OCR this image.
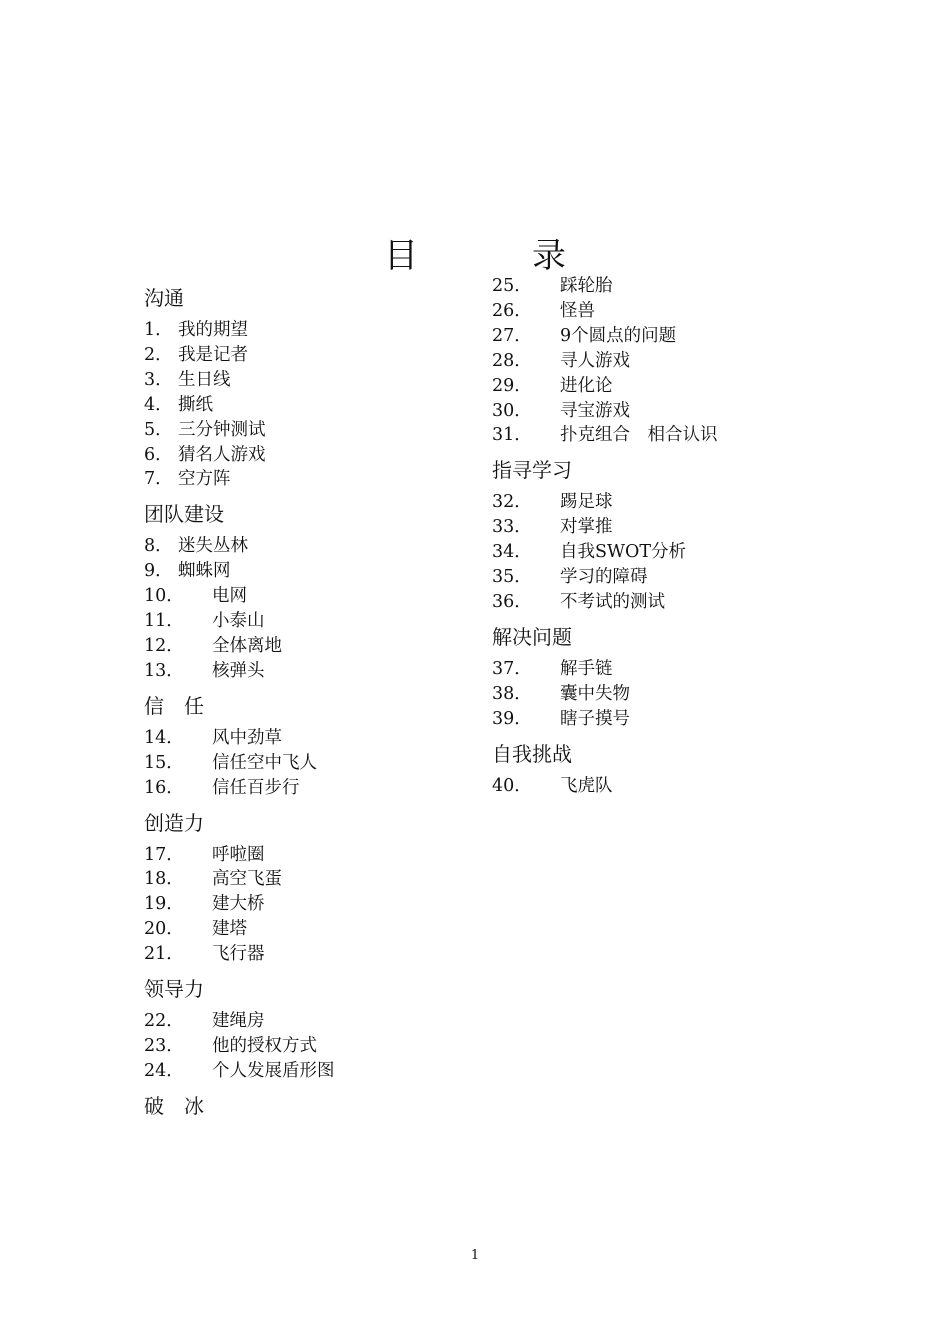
目　录
沟通
1． 我的期望
2． 我是记者
3． 生日线
4． 撕纸
5． 三分钟测试
6． 猜名人游戏
7． 空方阵
团队建设
8． 迷失丛林
9． 蜘蛛网
10．	电网
11．	小泰山
12．	全体离地
13．	核弹头
信　任
14．	风中劲草
15．	信任空中飞人
16．	信任百步行
创造力
17．	呼啦圈
18．	高空飞蛋
19．	建大桥
20．	建塔
21．	飞行器
领导力
22．	建绳房
23．	他的授权方式
24．	个人发展盾形图
破　冰
25．	踩轮胎
26．	怪兽
27．	9个圆点的问题
28．	寻人游戏
29．	进化论
30．	寻宝游戏
31．	扑克组合　相合认识
指寻学习
32．	踢足球
33．	对掌推
34．	自我SWOT分析
35．	学习的障碍
36．	不考试的测试
解决问题
37．	解手链
38．	囊中失物
39．	瞎子摸号
自我挑战
40．	飞虎队
1
